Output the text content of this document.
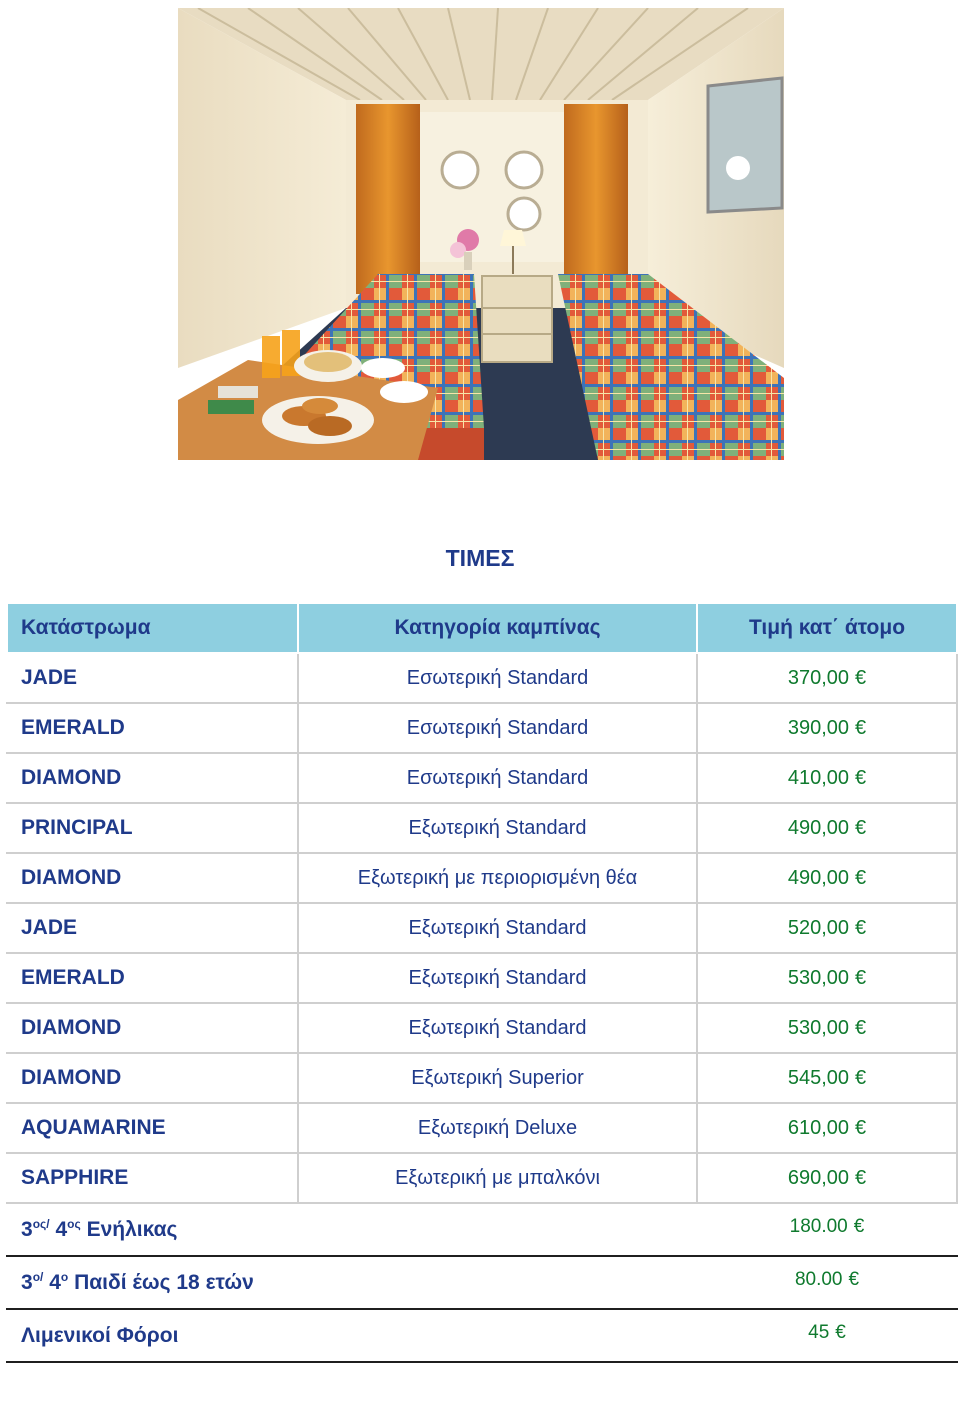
ΤΙΜΕΣ
Κατάστρωμα	Κατηγορία καμπίνας	Τιμή κατ΄ άτομο
JADE	Εσωτερική Standard	370,00 €
EMERALD	Εσωτερική Standard	390,00 €
DIAMOND	Εσωτερική Standard	410,00 €
PRINCIPAL	Εξωτερική Standard	490,00 €
DIAMOND	Εξωτερική με περιορισμένη θέα	490,00 €
JADE	Εξωτερική Standard	520,00 €
EMERALD	Εξωτερική Standard	530,00 €
DIAMOND	Εξωτερική Standard	530,00 €
DIAMOND	Εξωτερική Superior	545,00 €
AQUAMARINE	Εξωτερική Deluxe	610,00 €
SAPPHIRE	Εξωτερική με μπαλκόνι	690,00 €
$3^{o\varsigma/}$ $4^{o\varsigma}$ Ενήλικας		180.00 €
$3^{o/}$ $4^o$ Παιδί έως 18 ετών		80.00 €
Λιμενικοί Φόροι		45 €
